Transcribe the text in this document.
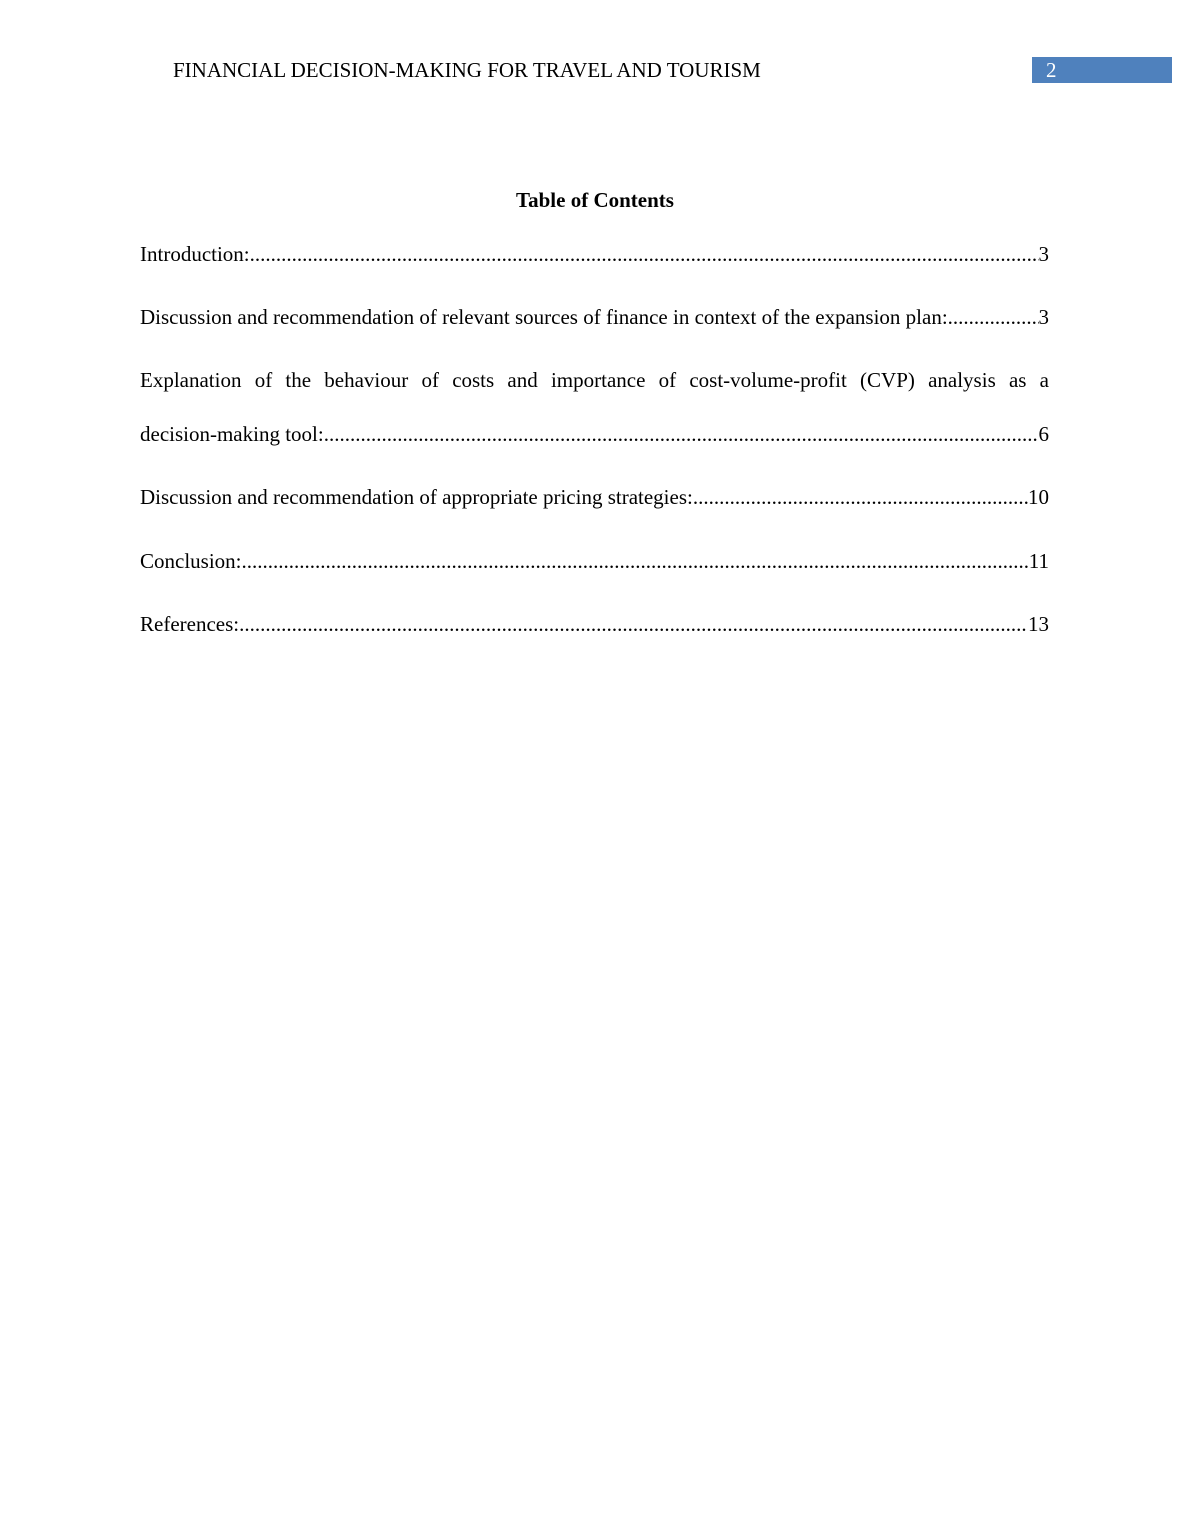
FINANCIAL DECISION-MAKING FOR TRAVEL AND TOURISM	2
Table of Contents
Introduction: .....	3
Discussion and recommendation of relevant sources of finance in context of the expansion plan: .....	3
Explanation of the behaviour of costs and importance of cost-volume-profit (CVP) analysis as a
decision-making tool: .....	6
Discussion and recommendation of appropriate pricing strategies: .....	10
Conclusion: .....	11
References: .....	13
